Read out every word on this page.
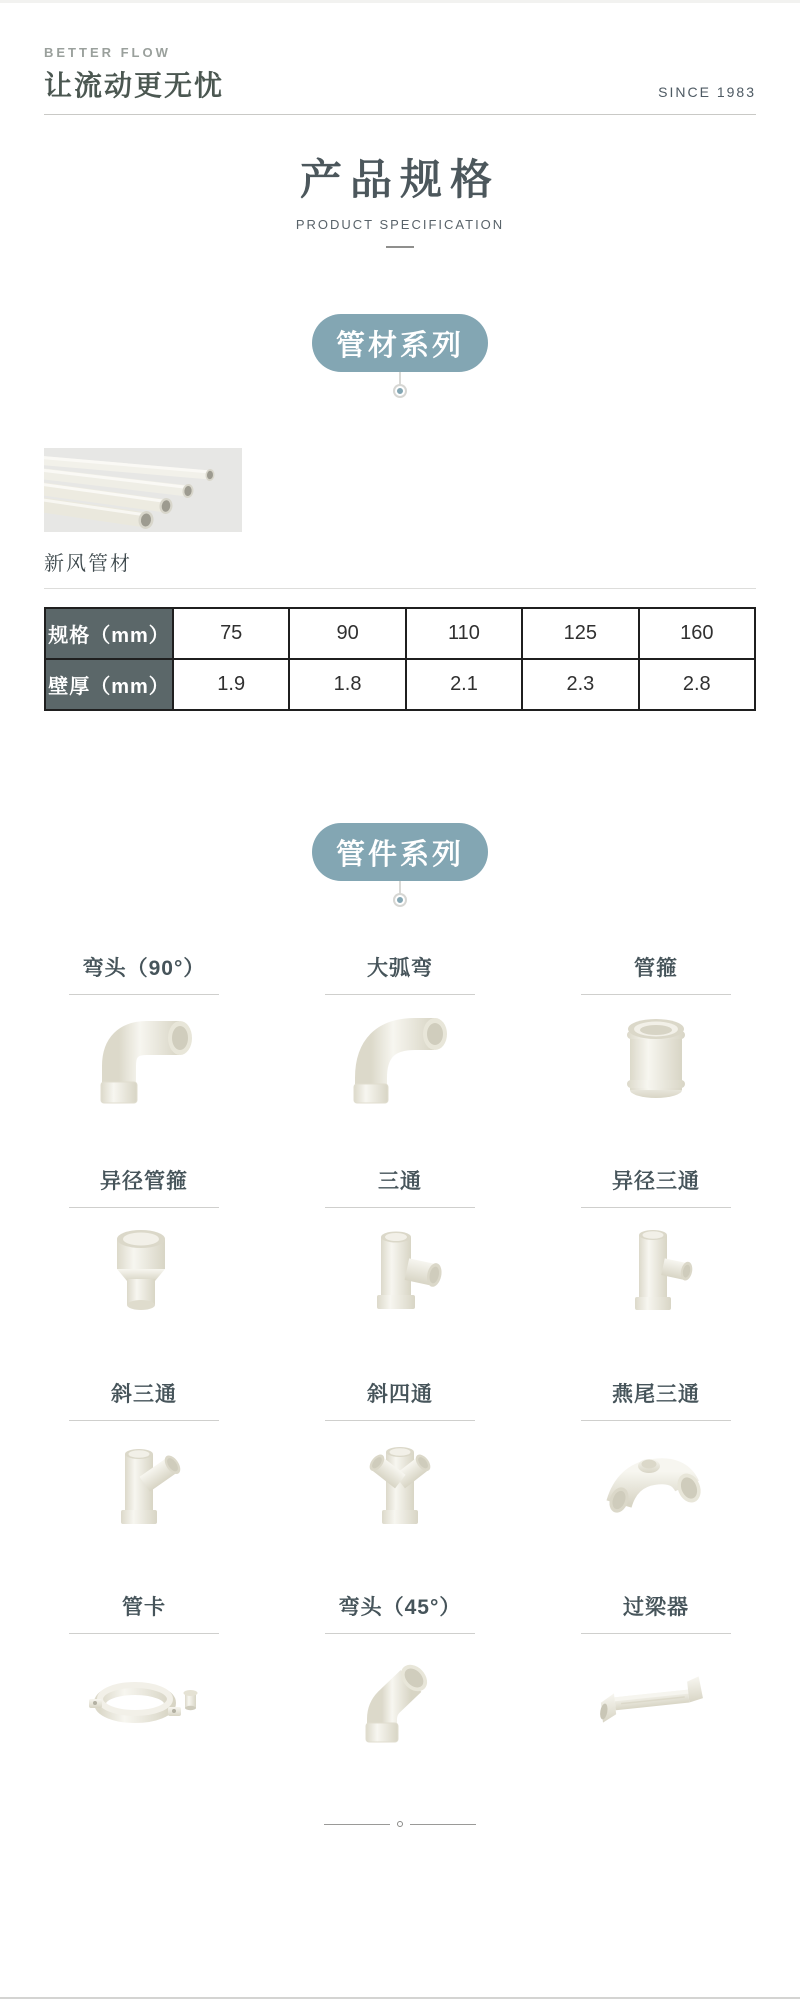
BETTER FLOW
让流动更无忧	SINCE 1983
产品规格
PRODUCT SPECIFICATION
管材系列
新风管材
规格（mm）	75	90	110	125	160
壁厚（mm）	1.9	1.8	2.1	2.3	2.8
管件系列
弯头（90°）	大弧弯	管箍
异径管箍	三通	异径三通
斜三通	斜四通	燕尾三通
管卡	弯头（45°）	过梁器
